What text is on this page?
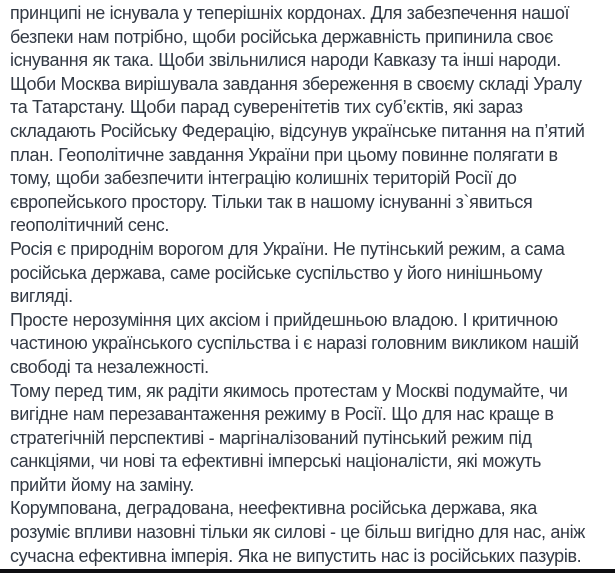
принципі не існувала у теперішніх кордонах. Для забезпечення нашої
безпеки нам потрібно, щоби російська державність припинила своє
існування як така. Щоби звільнилися народи Кавказу та інші народи.
Щоби Москва вирішувала завдання збереження в своєму складі Уралу
та Татарстану. Щоби парад суверенітетів тих суб’єктів, які зараз
складають Російську Федерацію, відсунув українське питання на п’ятий
план. Геополітичне завдання України при цьому повинне полягати в
тому, щоби забезпечити інтеграцію колишніх територій Росії до
європейського простору. Тільки так в нашому існуванні з`явиться
геополітичний сенс.
Росія є природнім ворогом для України. Не путінський режим, а сама
російська держава, саме російське суспільство у його нинішньому
вигляді.
Просте нерозуміння цих аксіом і прийдешньою владою. І критичною
частиною українського суспільства і є наразі головним викликом нашій
свободі та незалежності.
Тому перед тим, як радіти якимось протестам у Москві подумайте, чи
вигідне нам перезавантаження режиму в Росії. Що для нас краще в
стратегічній перспективі - маргіналізований путінський режим під
санкціями, чи нові та ефективні імперські націоналісти, які можуть
прийти йому на заміну.
Корумпована, деградована, неефективна російська держава, яка
розуміє впливи назовні тільки як силові - це більш вигідно для нас, аніж
сучасна ефективна імперія. Яка не випустить нас із російських пазурів.
